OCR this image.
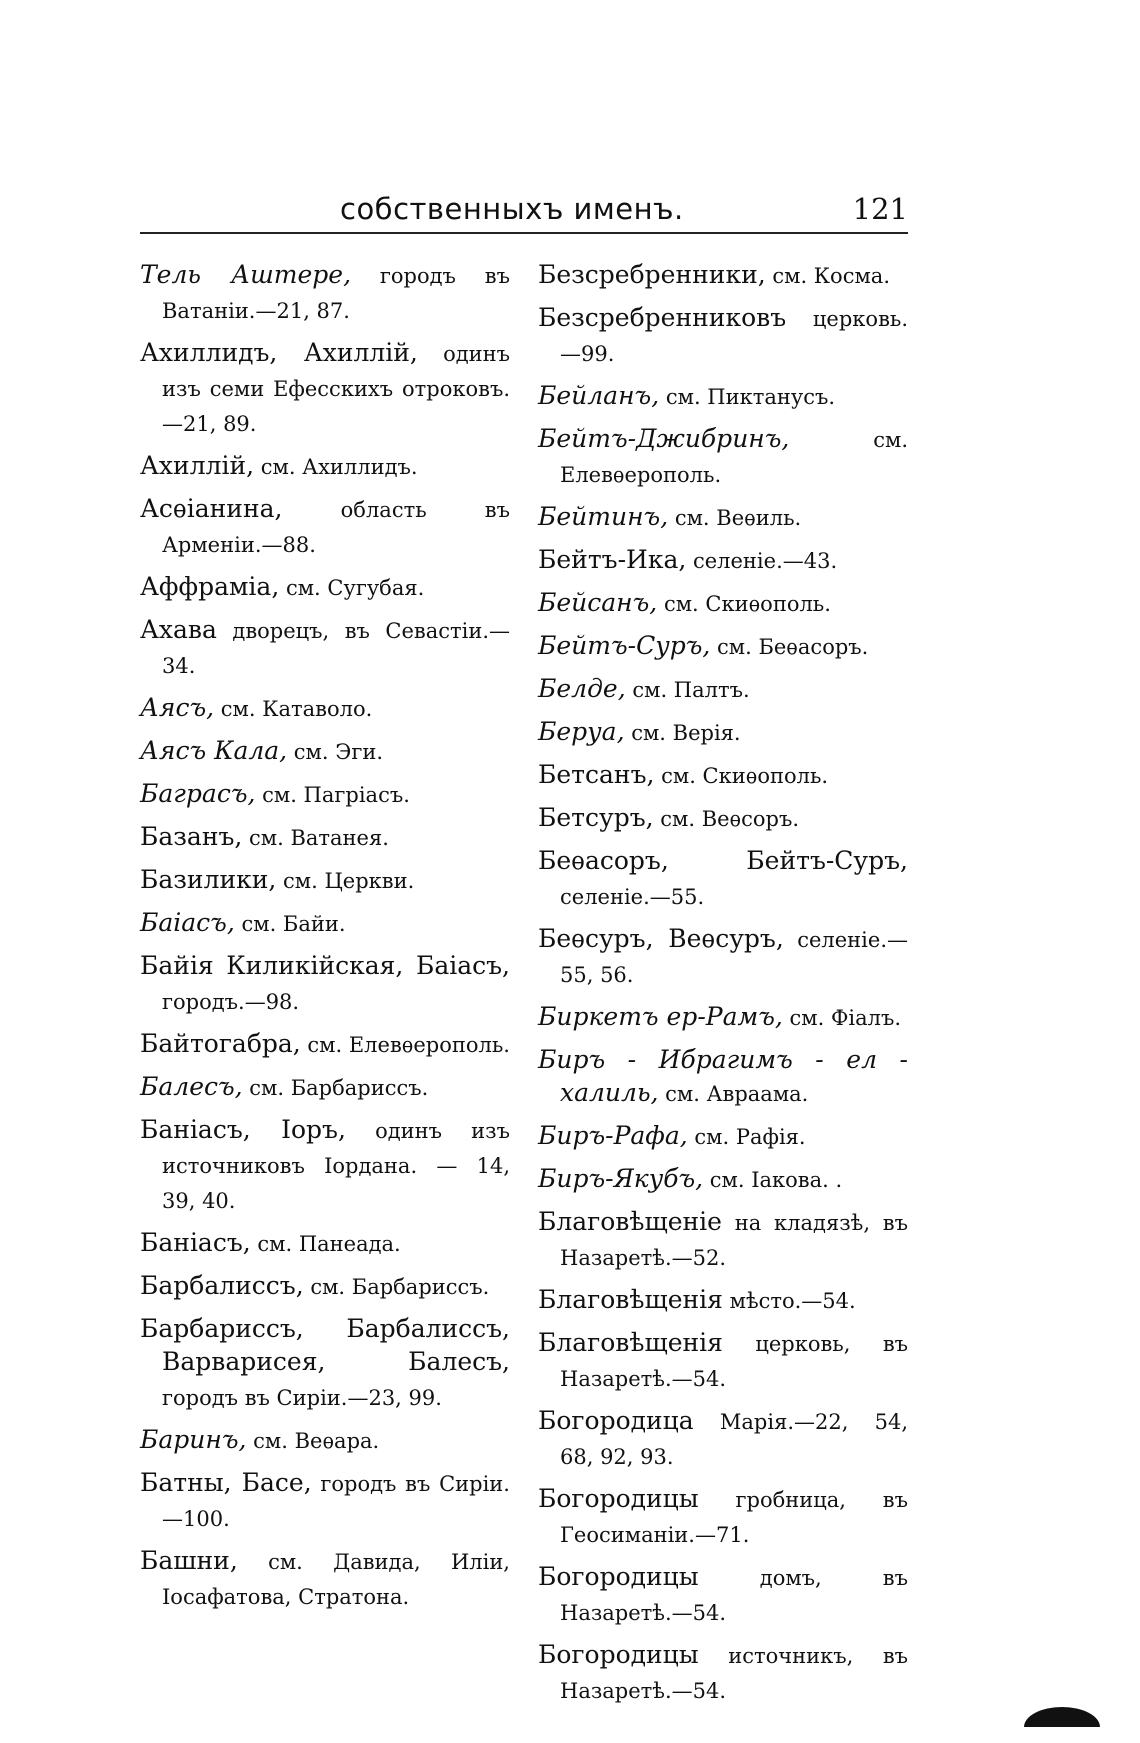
собственныхъ именъ.	121

Тель Аштере, городъ въ Ватаніи.—21, 87.

Ахиллидъ, Ахиллій, одинъ изъ семи Ефесскихъ отроковъ.—21, 89.

Ахиллій, см. Ахиллидъ.

Асѳіанина, область въ Арменіи.—88.

Аффраміа, см. Сугубая.

Ахава дворецъ, въ Севастіи.—34.

Аясъ, см. Катаволо.

Аясъ Кала, см. Эги.

Баграсъ, см. Пагріасъ.

Базанъ, см. Ватанея.

Базилики, см. Церкви.

Баіасъ, см. Байи.

Байія Киликійская, Баіасъ, городъ.—98.

Байтогабра, см. Елевѳерополь.

Балесъ, см. Барбариссъ.

Баніасъ, Іоръ, одинъ изъ источниковъ Іордана. — 14, 39, 40.

Баніасъ, см. Панеада.

Барбалиссъ, см. Барбариссъ.

Барбариссъ, Барбалиссъ, Варварисея, Балесъ, городъ въ Сиріи.—23, 99.

Баринъ, см. Веѳара.

Батны, Басе, городъ въ Сиріи.—100.

Башни, см. Давида, Иліи, Іосафатова, Стратона.

Безсребренники, см. Косма.

Безсребренниковъ церковь.—99.

Бейланъ, см. Пиктанусъ.

Бейтъ-Джибринъ, см. Елевѳерополь.

Бейтинъ, см. Веѳиль.

Бейтъ-Ика, селеніе.—43.

Бейсанъ, см. Скиѳополь.

Бейтъ-Суръ, см. Беѳасоръ.

Белде, см. Палтъ.

Беруа, см. Верія.

Бетсанъ, см. Скиѳополь.

Бетсуръ, см. Веѳсоръ.

Беѳасоръ, Бейтъ-Суръ, селеніе.—55.

Беѳсуръ, Веѳсуръ, селеніе.—55, 56.

Биркетъ ер-Рамъ, см. Фіалъ.

Биръ - Ибрагимъ - ел - халиль, см. Авраама.

Биръ-Рафа, см. Рафія.

Биръ-Якубъ, см. Іакова. .

Благовѣщеніе на кладязѣ, въ Назаретѣ.—52.

Благовѣщенія мѣсто.—54.

Благовѣщенія церковь, въ Назаретѣ.—54.

Богородица Марія.—22, 54, 68, 92, 93.

Богородицы гробница, въ Геосиманіи.—71.

Богородицы домъ, въ Назаретѣ.—54.

Богородицы источникъ, въ Назаретѣ.—54.
